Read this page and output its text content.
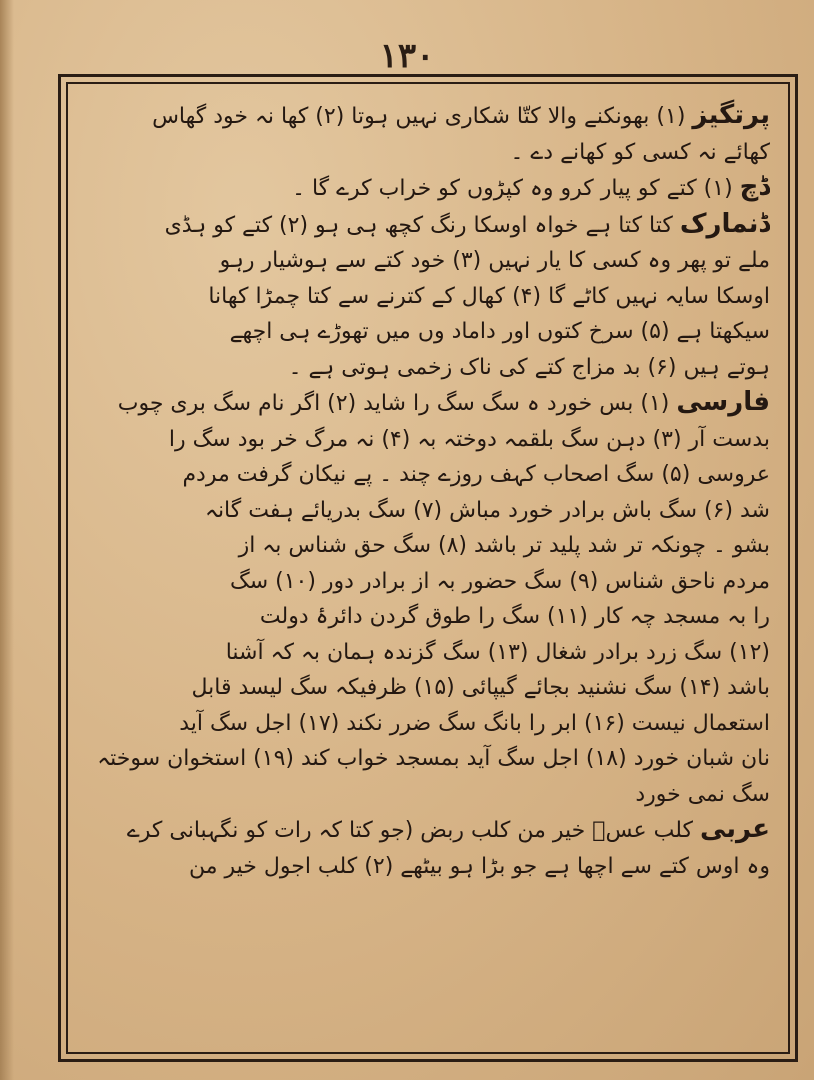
۱۳۰
پرتگیز (۱) بھونکنے والا کتّا شکاری نہیں ہوتا (۲) کھا نہ خود گھاس
کھائے نہ کسی کو کھانے دے ۔
ڈچ (۱) کتے کو پیار کرو وہ کپڑوں کو خراب کرے گا ۔
ڈنمارک کتا کتا ہے خواہ اوسکا رنگ کچھ ہی ہو (۲) کتے کو ہڈی
ملے تو پھر وہ کسی کا یار نہیں (۳) خود کتے سے ہوشیار رہو
اوسکا سایہ نہیں کاٹے گا (۴) کھال کے کترنے سے کتا چمڑا کھانا
سیکھتا ہے (۵) سرخ کتوں اور داماد وں میں تھوڑے ہی اچھے
ہوتے ہیں (۶) بد مزاج کتے کی ناک زخمی ہوتی ہے ۔
فارسی (۱) بس خورد ہ سگ سگ را شاید (۲) اگر نام سگ بری چوب
بدست آر (۳) دہن سگ بلقمہ دوختہ بہ (۴) نہ مرگ خر بود سگ را
عروسی (۵) سگ اصحاب کہف روزے چند ۔ پے نیکان گرفت مردم
شد (۶) سگ باش برادر خورد مباش (۷) سگ بدریائے ہفت گانہ
بشو ۔ چونکہ تر شد پلید تر باشد (۸) سگ حق شناس بہ از
مردم ناحق شناس (۹) سگ حضور بہ از برادر دور (۱۰) سگ
را بہ مسجد چہ کار (۱۱) سگ را طوق گردن دائرۂ دولت
(۱۲) سگ زرد برادر شغال (۱۳) سگ گزندہ ہمان بہ کہ آشنا
باشد (۱۴) سگ نشنید بجائے گیپائی (۱۵) ظرفیکہ سگ لیسد قابل
استعمال نیست (۱۶) ابر را بانگ سگ ضرر نکند (۱۷) اجل سگ آید
نان شبان خورد (۱۸) اجل سگ آید بمسجد خواب کند (۱۹) استخوان سوختہ
سگ نمی خورد
عربی کلب عسؔ خیر من کلب ربض (جو کتا کہ رات کو نگہبانی کرے
وہ اوس کتے سے اچھا ہے جو بڑا ہو بیٹھے (۲) کلب اجول خیر من
